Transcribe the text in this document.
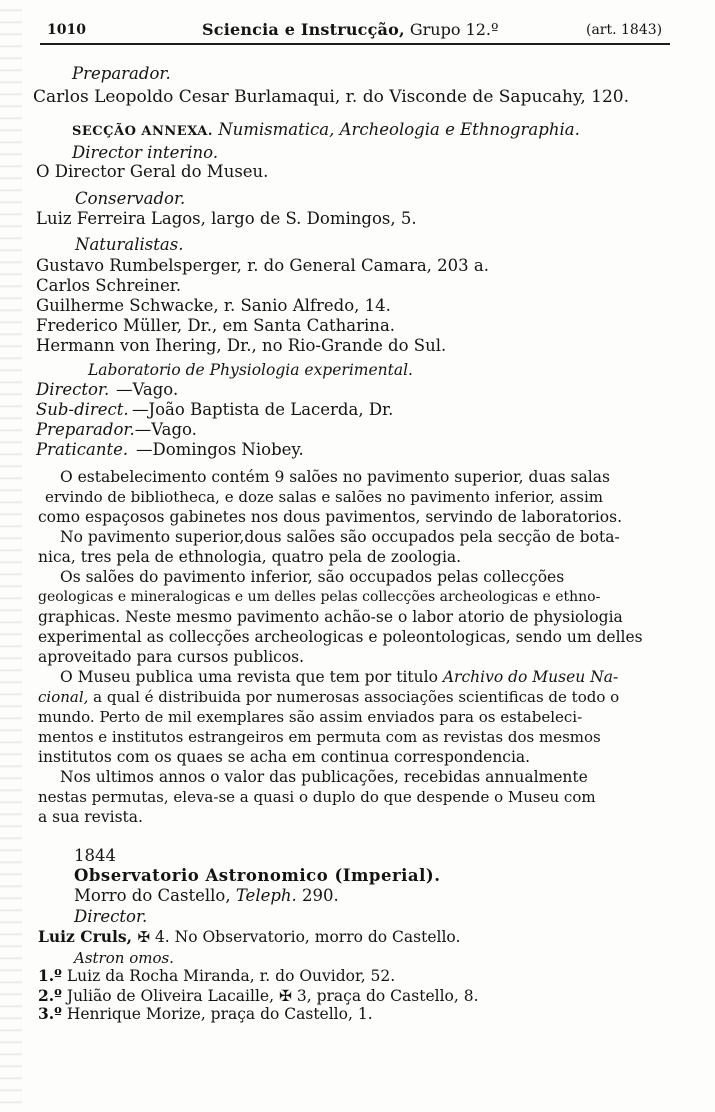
1010	Sciencia e Instrucção, Grupo 12.º	(art. 1843)
Preparador.
Carlos Leopoldo Cesar Burlamaqui, r. do Visconde de Sapucahy, 120.
SECÇÃO ANNEXA. Numismatica, Archeologia e Ethnographia.
Director interino.
O Director Geral do Museu.
Conservador.
Luiz Ferreira Lagos, largo de S. Domingos, 5.
Naturalistas.
Gustavo Rumbelsperger, r. do General Camara, 203 a.
Carlos Schreiner.
Guilherme Schwacke, r. Sanio Alfredo, 14.
Frederico Müller, Dr., em Santa Catharina.
Hermann von Ihering, Dr., no Rio-Grande do Sul.
Laboratorio de Physiologia experimental.
Director. —Vago.
Sub-direct. —João Baptista de Lacerda, Dr.
Preparador.—Vago.
Praticante. —Domingos Niobey.
O estabelecimento contém 9 salões no pavimento superior, duas salas
ervindo de bibliotheca, e doze salas e salões no pavimento inferior, assim
como espaçosos gabinetes nos dous pavimentos, servindo de laboratorios.
No pavimento superior,dous salões são occupados pela secção de bota-
nica, tres pela de ethnologia, quatro pela de zoologia.
Os salões do pavimento inferior, são occupados pelas collecções
geologicas e mineralogicas e um delles pelas collecções archeologicas e ethno-
graphicas. Neste mesmo pavimento achão-se o labor atorio de physiologia
experimental as collecções archeologicas e poleontologicas, sendo um delles
aproveitado para cursos publicos.
O Museu publica uma revista que tem por titulo Archivo do Museu Na-
cional, a qual é distribuida por numerosas associações scientificas de todo o
mundo. Perto de mil exemplares são assim enviados para os estabeleci-
mentos e institutos estrangeiros em permuta com as revistas dos mesmos
institutos com os quaes se acha em continua correspondencia.
Nos ultimos annos o valor das publicações, recebidas annualmente
nestas permutas, eleva-se a quasi o duplo do que despende o Museu com
a sua revista.
1844
Observatorio Astronomico (Imperial).
Morro do Castello, Teleph. 290.
Director.
Luiz Cruls, ✠ 4. No Observatorio, morro do Castello.
Astron omos.
1.º Luiz da Rocha Miranda, r. do Ouvidor, 52.
2.º Julião de Oliveira Lacaille, ✠ 3, praça do Castello, 8.
3.º Henrique Morize, praça do Castello, 1.
